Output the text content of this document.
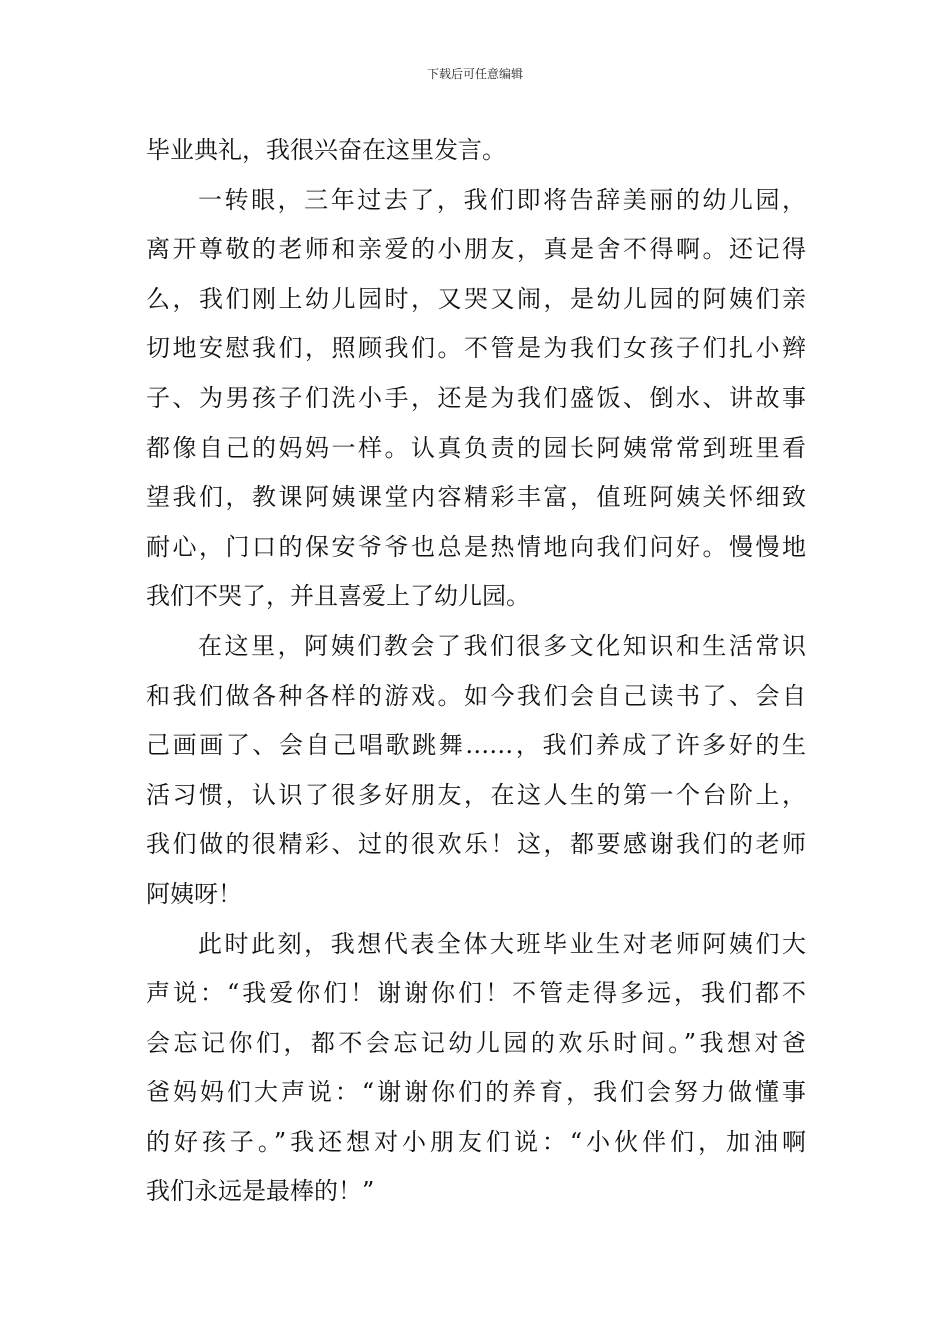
下载后可任意编辑
毕业典礼，我很兴奋在这里发言。
一转眼，三年过去了，我们即将告辞美丽的幼儿园，
离开尊敬的老师和亲爱的小朋友，真是舍不得啊。还记得
么，我们刚上幼儿园时，又哭又闹，是幼儿园的阿姨们亲
切地安慰我们，照顾我们。不管是为我们女孩子们扎小辫
子、为男孩子们洗小手，还是为我们盛饭、倒水、讲故事
都像自己的妈妈一样。认真负责的园长阿姨常常到班里看
望我们，教课阿姨课堂内容精彩丰富，值班阿姨关怀细致
耐心，门口的保安爷爷也总是热情地向我们问好。慢慢地
我们不哭了，并且喜爱上了幼儿园。
在这里，阿姨们教会了我们很多文化知识和生活常识
和我们做各种各样的游戏。如今我们会自己读书了、会自
己画画了、会自己唱歌跳舞……，我们养成了许多好的生
活习惯，认识了很多好朋友，在这人生的第一个台阶上，
我们做的很精彩、过的很欢乐！这，都要感谢我们的老师
阿姨呀！
此时此刻，我想代表全体大班毕业生对老师阿姨们大
声说：“我爱你们！谢谢你们！不管走得多远，我们都不
会忘记你们，都不会忘记幼儿园的欢乐时间。”我想对爸
爸妈妈们大声说：“谢谢你们的养育，我们会努力做懂事
的好孩子。”我还想对小朋友们说：“小伙伴们，加油啊
我们永远是最棒的！”
